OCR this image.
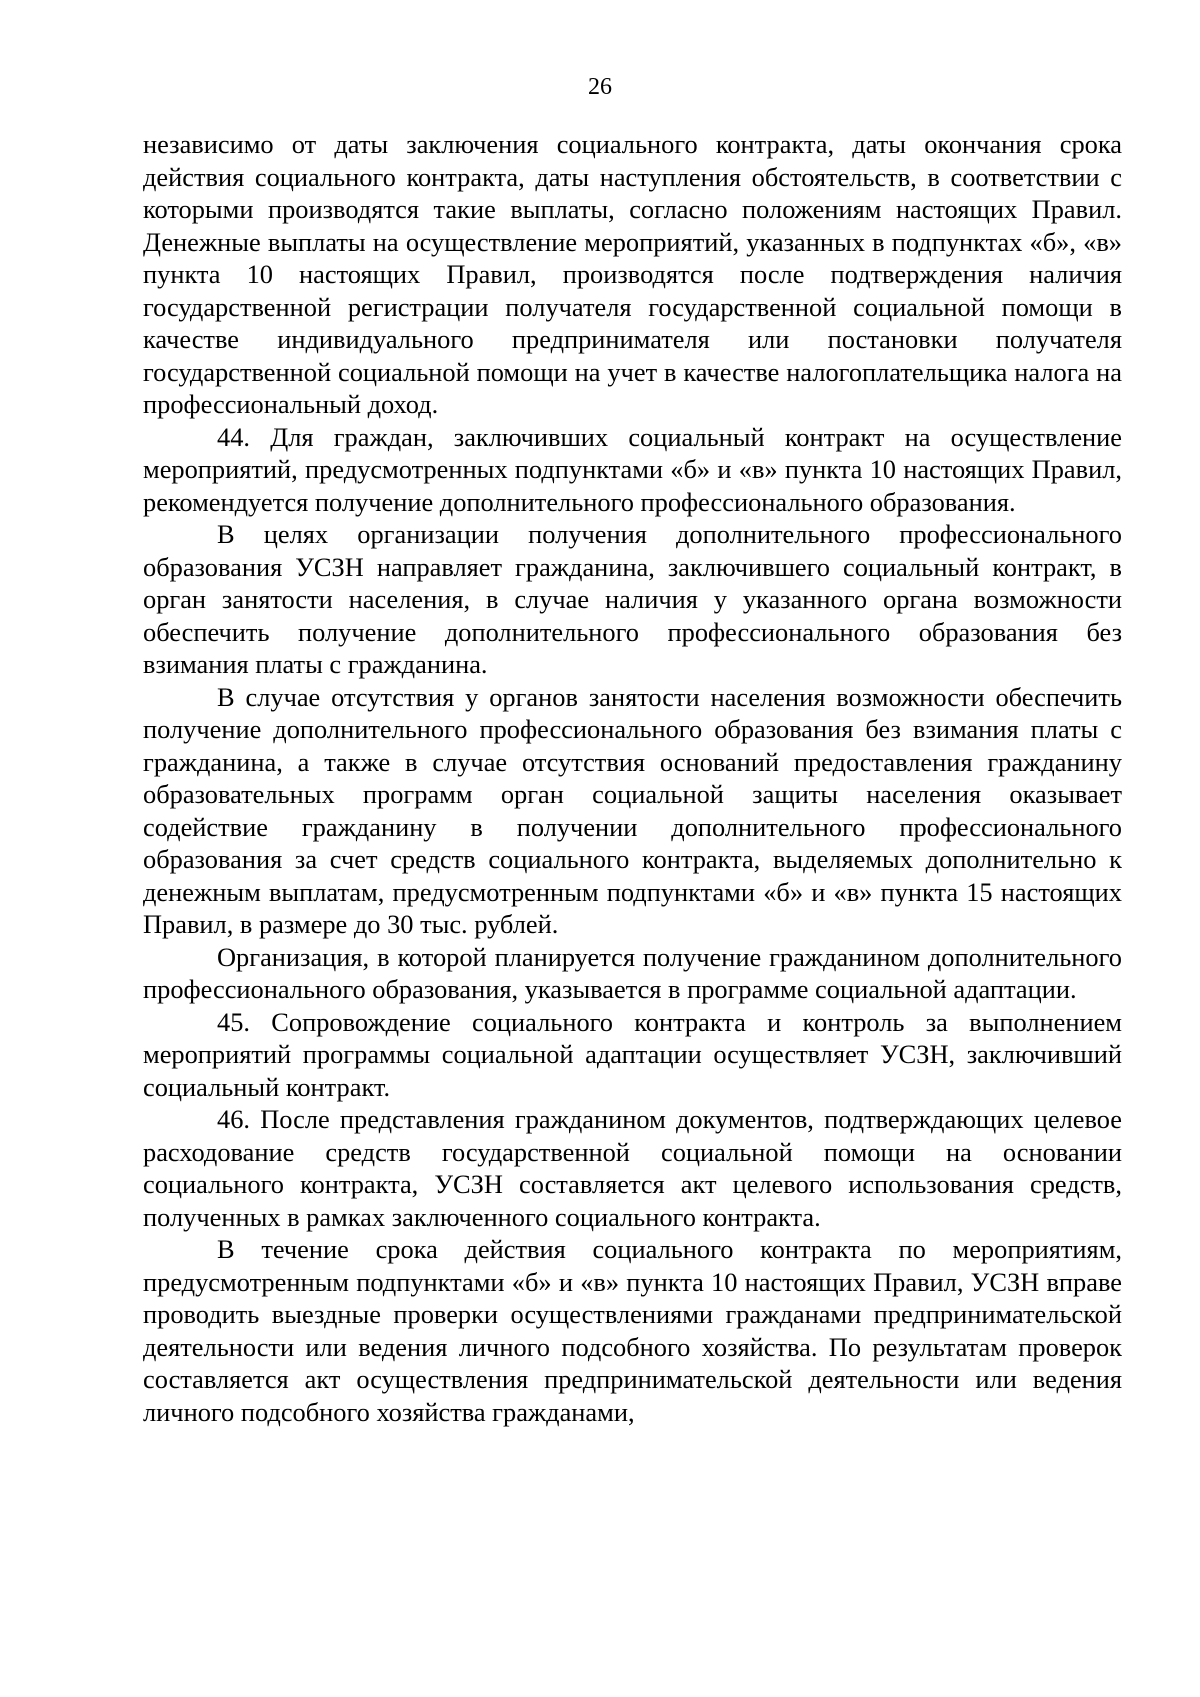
26

независимо от даты заключения социального контракта, даты окончания срока действия социального контракта, даты наступления обстоятельств, в соответствии с которыми производятся такие выплаты, согласно положениям настоящих Правил. Денежные выплаты на осуществление мероприятий, указанных в подпунктах «б», «в» пункта 10 настоящих Правил, производятся после подтверждения наличия государственной регистрации получателя государственной социальной помощи в качестве индивидуального предпринимателя или постановки получателя государственной социальной помощи на учет в качестве налогоплательщика налога на профессиональный доход.

44. Для граждан, заключивших социальный контракт на осуществление мероприятий, предусмотренных подпунктами «б» и «в» пункта 10 настоящих Правил, рекомендуется получение дополнительного профессионального образования.

В целях организации получения дополнительного профессионального образования УСЗН направляет гражданина, заключившего социальный контракт, в орган занятости населения, в случае наличия у указанного органа возможности обеспечить получение дополнительного профессионального образования без взимания платы с гражданина.

В случае отсутствия у органов занятости населения возможности обеспечить получение дополнительного профессионального образования без взимания платы с гражданина, а также в случае отсутствия оснований предоставления гражданину образовательных программ орган социальной защиты населения оказывает содействие гражданину в получении дополнительного профессионального образования за счет средств социального контракта, выделяемых дополнительно к денежным выплатам, предусмотренным подпунктами «б» и «в» пункта 15 настоящих Правил, в размере до 30 тыс. рублей.

Организация, в которой планируется получение гражданином дополнительного профессионального образования, указывается в программе социальной адаптации.

45. Сопровождение социального контракта и контроль за выполнением мероприятий программы социальной адаптации осуществляет УСЗН, заключивший социальный контракт.

46. После представления гражданином документов, подтверждающих целевое расходование средств государственной социальной помощи на основании социального контракта, УСЗН составляется акт целевого использования средств, полученных в рамках заключенного социального контракта.

В течение срока действия социального контракта по мероприятиям, предусмотренным подпунктами «б» и «в» пункта 10 настоящих Правил, УСЗН вправе проводить выездные проверки осуществлениями гражданами предпринимательской деятельности или ведения личного подсобного хозяйства. По результатам проверок составляется акт осуществления предпринимательской деятельности или ведения личного подсобного хозяйства гражданами,
